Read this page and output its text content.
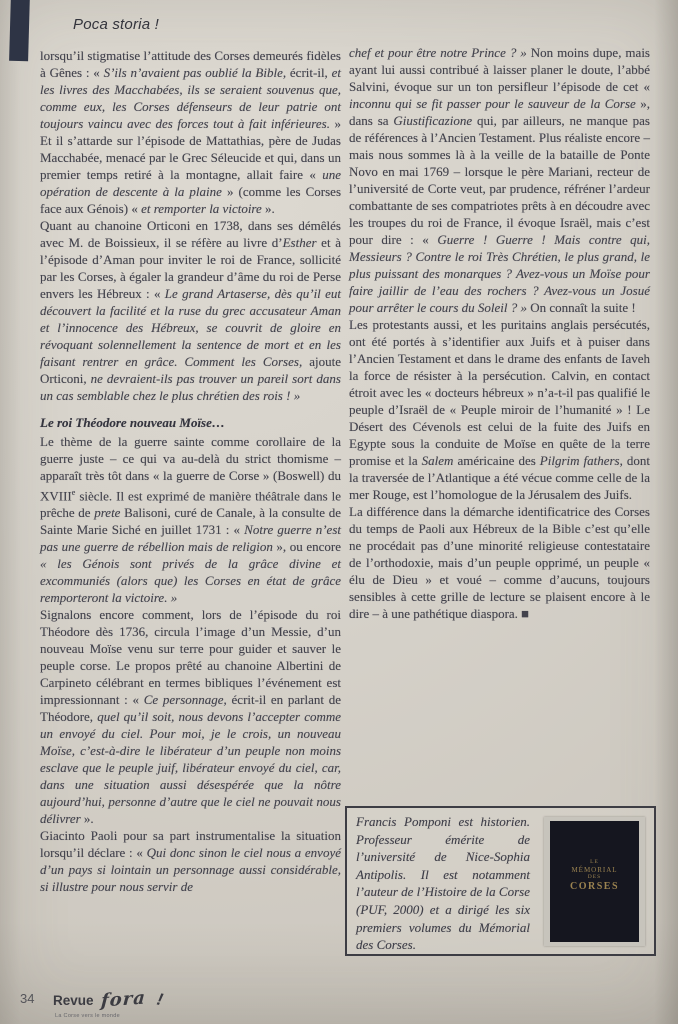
Poca storia !
lorsqu’il stigmatise l’attitude des Corses demeurés fidèles à Gênes : « S’ils n’avaient pas oublié la Bible, écrit-il, et les livres des Macchabées, ils se seraient souvenus que, comme eux, les Corses défenseurs de leur patrie ont toujours vaincu avec des forces tout à fait inférieures. » Et il s’attarde sur l’épisode de Mattathias, père de Judas Macchabée, menacé par le Grec Séleucide et qui, dans un premier temps retiré à la montagne, allait faire « une opération de descente à la plaine » (comme les Corses face aux Génois) « et remporter la victoire ».
Quant au chanoine Orticoni en 1738, dans ses démêlés avec M. de Boissieux, il se réfère au livre d’Esther et à l’épisode d’Aman pour inviter le roi de France, sollicité par les Corses, à égaler la grandeur d’âme du roi de Perse envers les Hébreux : « Le grand Artaserse, dès qu’il eut découvert la facilité et la ruse du grec accusateur Aman et l’innocence des Hébreux, se couvrit de gloire en révoquant solennellement la sentence de mort et en les faisant rentrer en grâce. Comment les Corses, ajoute Orticoni, ne devraient-ils pas trouver un pareil sort dans un cas semblable chez le plus chrétien des rois ! »
Le roi Théodore nouveau Moïse…
Le thème de la guerre sainte comme corollaire de la guerre juste – ce qui va au-delà du strict thomisme – apparaît très tôt dans « la guerre de Corse » (Boswell) du XVIIIe siècle. Il est exprimé de manière théâtrale dans le prêche de prete Balisoni, curé de Canale, à la consulte de Sainte Marie Siché en juillet 1731 : « Notre guerre n’est pas une guerre de rébellion mais de religion », ou encore « les Génois sont privés de la grâce divine et excommuniés (alors que) les Corses en état de grâce remporteront la victoire. »
Signalons encore comment, lors de l’épisode du roi Théodore dès 1736, circula l’image d’un Messie, d’un nouveau Moïse venu sur terre pour guider et sauver le peuple corse. Le propos prêté au chanoine Albertini de Carpineto célébrant en termes bibliques l’événement est impressionnant : « Ce personnage, écrit-il en parlant de Théodore, quel qu’il soit, nous devons l’accepter comme un envoyé du ciel. Pour moi, je le crois, un nouveau Moïse, c’est-à-dire le libérateur d’un peuple non moins esclave que le peuple juif, libérateur envoyé du ciel, car, dans une situation aussi désespérée que la nôtre aujourd’hui, personne d’autre que le ciel ne pouvait nous délivrer ».
Giacinto Paoli pour sa part instrumentalise la situation lorsqu’il déclare : « Qui donc sinon le ciel nous a envoyé d’un pays si lointain un personnage aussi considérable, si illustre pour nous servir de
chef et pour être notre Prince ? » Non moins dupe, mais ayant lui aussi contribué à laisser planer le doute, l’abbé Salvini, évoque sur un ton persifleur l’épisode de cet « inconnu qui se fit passer pour le sauveur de la Corse », dans sa Giustificazione qui, par ailleurs, ne manque pas de références à l’Ancien Testament. Plus réaliste encore – mais nous sommes là à la veille de la bataille de Ponte Novo en mai 1769 – lorsque le père Mariani, recteur de l’université de Corte veut, par prudence, réfréner l’ardeur combattante de ses compatriotes prêts à en découdre avec les troupes du roi de France, il évoque Israël, mais c’est pour dire : « Guerre ! Guerre ! Mais contre qui, Messieurs ? Contre le roi Très Chrétien, le plus grand, le plus puissant des monarques ? Avez-vous un Moïse pour faire jaillir de l’eau des rochers ? Avez-vous un Josué pour arrêter le cours du Soleil ? » On connaît la suite !
Les protestants aussi, et les puritains anglais persécutés, ont été portés à s’identifier aux Juifs et à puiser dans l’Ancien Testament et dans le drame des enfants de Iaveh la force de résister à la persécution. Calvin, en contact étroit avec les « docteurs hébreux » n’a-t-il pas qualifié le peuple d’Israël de « Peuple miroir de l’humanité » ! Le Désert des Cévenols est celui de la fuite des Juifs en Egypte sous la conduite de Moïse en quête de la terre promise et la Salem américaine des Pilgrim fathers, dont la traversée de l’Atlantique a été vécue comme celle de la mer Rouge, est l’homologue de la Jérusalem des Juifs.
La différence dans la démarche identificatrice des Corses du temps de Paoli aux Hébreux de la Bible c’est qu’elle ne procédait pas d’une minorité religieuse contestataire de l’orthodoxie, mais d’un peuple opprimé, un peuple « élu de Dieu » et voué – comme d’aucuns, toujours sensibles à cette grille de lecture se plaisent encore à le dire – à une pathétique diaspora. ■
Francis Pomponi est historien. Professeur émérite de l’université de Nice-Sophia Antipolis. Il est notamment l’auteur de l’Histoire de la Corse (PUF, 2000) et a dirigé les six premiers volumes du Mémorial des Corses.
LE
MÉMORIAL
DES
CORSES
34 Revue fora !
La Corse vers le monde
